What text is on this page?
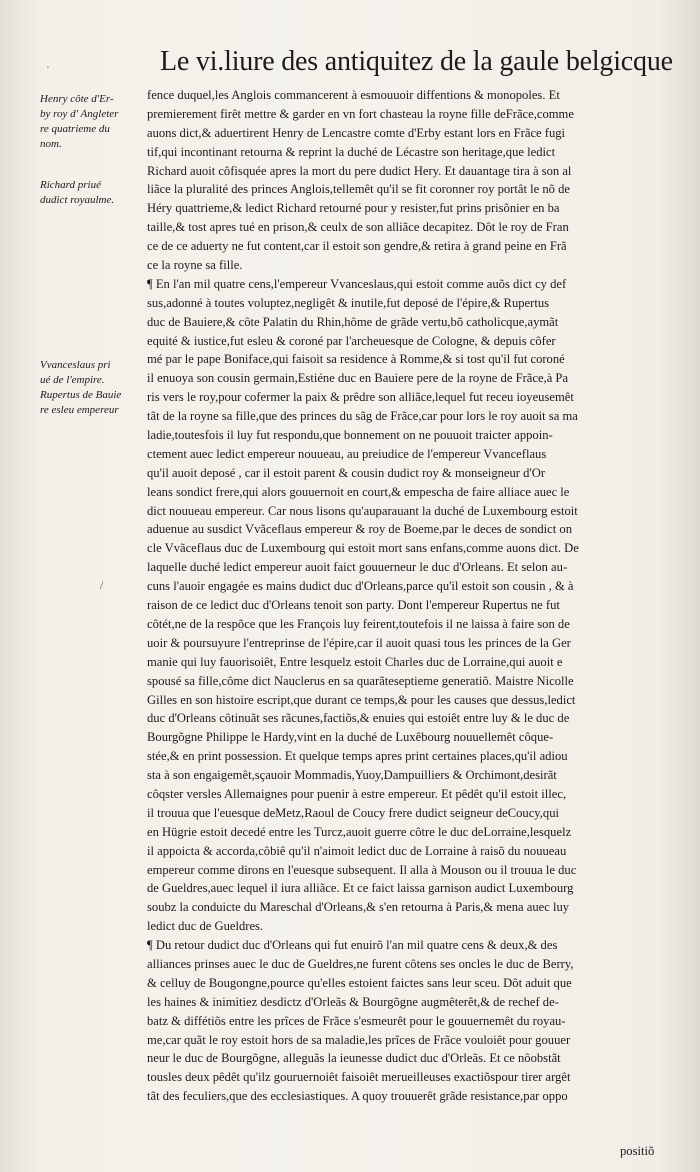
Le vi.liure des antiquitez de la gaule belgicque

Henry côte d'Er-

by roy d' Angleter

re quatrieme du

nom.

Richard priué

dudict royaulme.

Vvanceslaus pri

ué de l'empire.

Rupertus de Bauie

re esleu empereur

·
/
fence duquel,les Anglois commancerent à esmouuoir diffentions & monopoles. Et
premierement firêt mettre & garder en vn fort chasteau la royne fille deFrãce,comme
auons dict,& aduertirent Henry de Lencastre comte d'Erby estant lors en Frãce fugi
tif,qui incontinant retourna & reprint la duché de Lécastre son heritage,que ledict
Richard auoit côfisquée apres la mort du pere dudict Hery. Et dauantage tira à son al
liãce la pluralité des princes Anglois,tellemêt qu'il se fit coronner roy portât le nõ de
Héry quattrieme,& ledict Richard retourné pour y resister,fut prins prisõnier en ba
taille,& tost apres tué en prison,& ceulx de son alliãce decapitez. Dôt le roy de Fran
ce de ce aduerty ne fut content,car il estoit son gendre,& retira à grand peine en Frã
ce la royne sa fille.
¶ En l'an mil quatre cens,l'empereur Vvanceslaus,qui estoit comme auõs dict cy def
sus,adonné à toutes voluptez,negligêt & inutile,fut deposé de l'épire,& Rupertus
duc de Bauiere,& côte Palatin du Rhin,hôme de grãde vertu,bõ catholicque,aymãt
equité & iustice,fut esleu & coroné par l'archeuesque de Cologne, & depuis côfer
mé par le pape Boniface,qui faisoit sa residence à Romme,& si tost qu'il fut coroné
il enuoya son cousin germain,Estiéne duc en Bauiere pere de la royne de Frãce,à Pa
ris vers le roy,pour cofermer la paix & prêdre son alliãce,lequel fut receu ioyeusemêt
tãt de la royne sa fille,que des princes du sãg de Frãce,car pour lors le roy auoit sa ma
ladie,toutesfois il luy fut respondu,que bonnement on ne pouuoit traicter appoin-
ctement auec ledict empereur nouueau, au preiudice de l'empereur Vvanceflaus
qu'il auoit deposé , car il estoit parent & cousin dudict roy & monseigneur d'Or
leans sondict frere,qui alors gouuernoit en court,& empescha de faire alliace auec le
dict nouueau empereur. Car nous lisons qu'auparauant la duché de Luxembourg estoit
aduenue au susdict Vvãceflaus empereur & roy de Boeme,par le deces de sondict on
cle Vvãceflaus duc de Luxembourg qui estoit mort sans enfans,comme auons dict. De
laquelle duché ledict empereur auoit faict gouuerneur le duc d'Orleans. Et selon au-
cuns l'auoir engagée es mains dudict duc d'Orleans,parce qu'il estoit son cousin , & à
raison de ce ledict duc d'Orleans tenoit son party. Dont l'empereur Rupertus ne fut
côtét,ne de la respõce que les François luy feirent,toutefois il ne laissa à faire son de
uoir & poursuyure l'entreprinse de l'épire,car il auoit quasi tous les princes de la Ger
manie qui luy fauorisoiêt, Entre lesquelz estoit Charles duc de Lorraine,qui auoit e
spousé sa fille,côme dict Nauclerus en sa quarãteseptieme generatiõ. Maistre Nicolle
Gilles en son histoire escript,que durant ce temps,& pour les causes que dessus,ledict
duc d'Orleans côtinuãt ses rãcunes,factiõs,& enuies qui estoiêt entre luy & le duc de
Bourgõgne Philippe le Hardy,vint en la duché de Luxêbourg nouuellemêt côque-
stée,& en print possession. Et quelque temps apres print certaines places,qu'il adiou
sta à son engaigemêt,sçauoir Mommadis,Yuoy,Dampuilliers & Orchimont,desirãt
côqster versles Allemaignes pour puenir à estre empereur. Et pêdêt qu'il estoit illec,
il trouua que l'euesque deMetz,Raoul de Coucy frere dudict seigneur deCoucy,qui
en Hügrie estoit decedé entre les Turcz,auoit guerre côtre le duc deLorraine,lesquelz
il appoicta & accorda,côbiê qu'il n'aimoit ledict duc de Lorraine à raisõ du nouueau
empereur comme dirons en l'euesque subsequent. Il alla à Mouson ou il trouua le duc
de Gueldres,auec lequel il iura alliãce. Et ce faict laissa garnison audict Luxembourg
soubz la conduicte du Mareschal d'Orleans,& s'en retourna à Paris,& mena auec luy
ledict duc de Gueldres.
¶ Du retour dudict duc d'Orleans qui fut enuirõ l'an mil quatre cens & deux,& des
alliances prinses auec le duc de Gueldres,ne furent côtens ses oncles le duc de Berry,
& celluy de Bougongne,pource qu'elles estoient faictes sans leur sceu. Dôt aduit que
les haines & inimitiez desdictz d'Orleãs & Bourgõgne augmêterêt,& de rechef de-
batz & diffétiõs entre les prîces de Frãce s'esmeurêt pour le gouuernemêt du royau-
me,car quãt le roy estoit hors de sa maladie,les prîces de Frãce vouloiêt pour gouuer
neur le duc de Bourgõgne, alleguãs la ieunesse dudict duc d'Orleãs. Et ce nôobstãt
tousles deux pêdêt qu'ilz gouruernoiêt faisoiêt merueilleuses exactiõspour tirer argêt
tãt des feculiers,que des ecclesiastiques. A quoy trouuerêt grãde resistance,par oppo
positiõ
